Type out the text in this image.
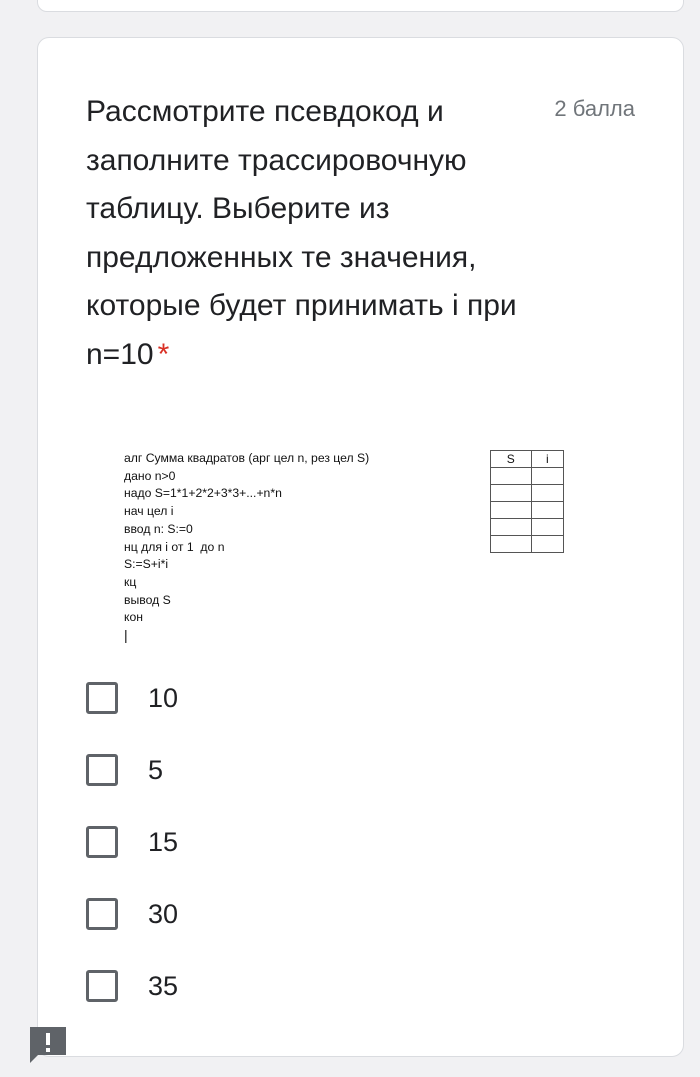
Рассмотрите псевдокод и заполните трассировочную таблицу. Выберите из предложенных те значения, которые будет принимать i при n=10 *
2 балла
алг Сумма квадратов (арг цел n, рез цел S)
дано n>0
надо S=1*1+2*2+3*3+...+n*n
нач цел i
ввод n: S:=0
нц для i от 1  до n
S:=S+i*i
кц
вывод S
кон
|
S	i

10
5
15
30
35
